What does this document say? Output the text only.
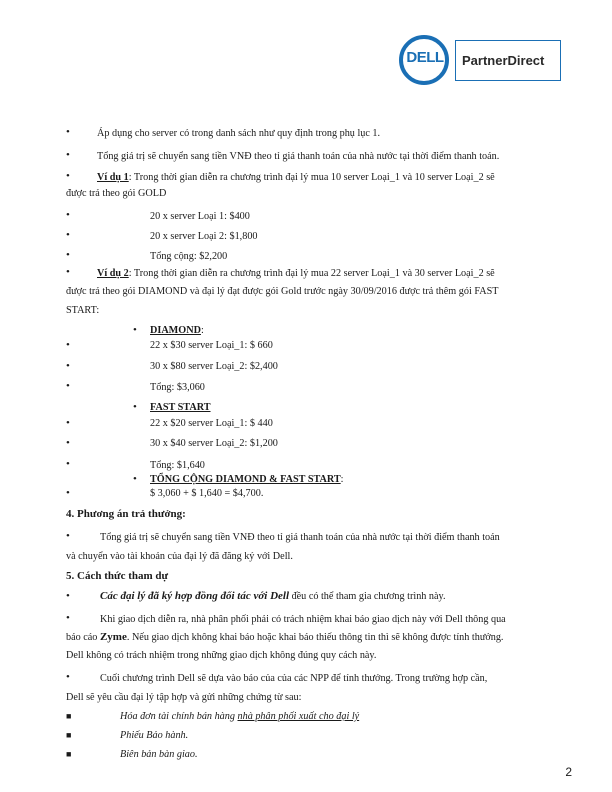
DELL PartnerDirect
•	Áp dụng cho server có trong danh sách như quy định trong phụ lục 1.
•	Tổng giá trị sẽ chuyển sang tiền VNĐ theo tỉ giá thanh toán của nhà nước tại thời điểm thanh toán.
•	Ví dụ 1: Trong thời gian diễn ra chương trình đại lý mua 10 server Loại_1 và 10 server Loại_2 sẽ
được trả theo gói GOLD
•	20 x server Loại 1: $400
•	20 x server Loại 2: $1,800
•	Tổng cộng: $2,200
•	Ví dụ 2: Trong thời gian diễn ra chương trình đại lý mua 22 server Loại_1 và 30 server Loại_2 sẽ
được trả theo gói DIAMOND và đại lý đạt được gói Gold trước ngày 30/09/2016 được trả thêm gói FAST
START:
• DIAMOND:
•	22 x $30 server Loại_1: $ 660
•	30 x $80 server Loại_2: $2,400
•	Tổng: $3,060
• FAST START
•	22 x $20 server Loại_1: $ 440
•	30 x $40 server Loại_2: $1,200
•	Tổng: $1,640
• TỔNG CỘNG DIAMOND & FAST START:
•	$ 3,060 + $ 1,640 = $4,700.
4. Phương án trả thưởng:
•	Tổng giá trị sẽ chuyển sang tiền VNĐ theo tỉ giá thanh toán của nhà nước tại thời điểm thanh toán
và chuyển vào tài khoản của đại lý đã đăng ký với Dell.
5. Cách thức tham dự
•	Các đại lý đã ký hợp đồng đối tác với Dell đều có thể tham gia chương trình này.
•	Khi giao dịch diễn ra, nhà phân phối phải có trách nhiệm khai báo giao dịch này với Dell thông qua
báo cáo Zyme. Nếu giao dịch không khai báo hoặc khai báo thiếu thông tin thì sẽ không được tính thưởng.
Dell không có trách nhiệm trong những giao dịch không đúng quy cách này.
•	Cuối chương trình Dell sẽ dựa vào báo của của các NPP để tính thưởng. Trong trường hợp cần,
Dell sẽ yêu cầu đại lý tập hợp và gửi những chứng từ sau:
■	Hóa đơn tài chính bán hàng nhà phân phối xuất cho đại lý
■	Phiếu Bảo hành.
■	Biên bản bàn giao.
2
